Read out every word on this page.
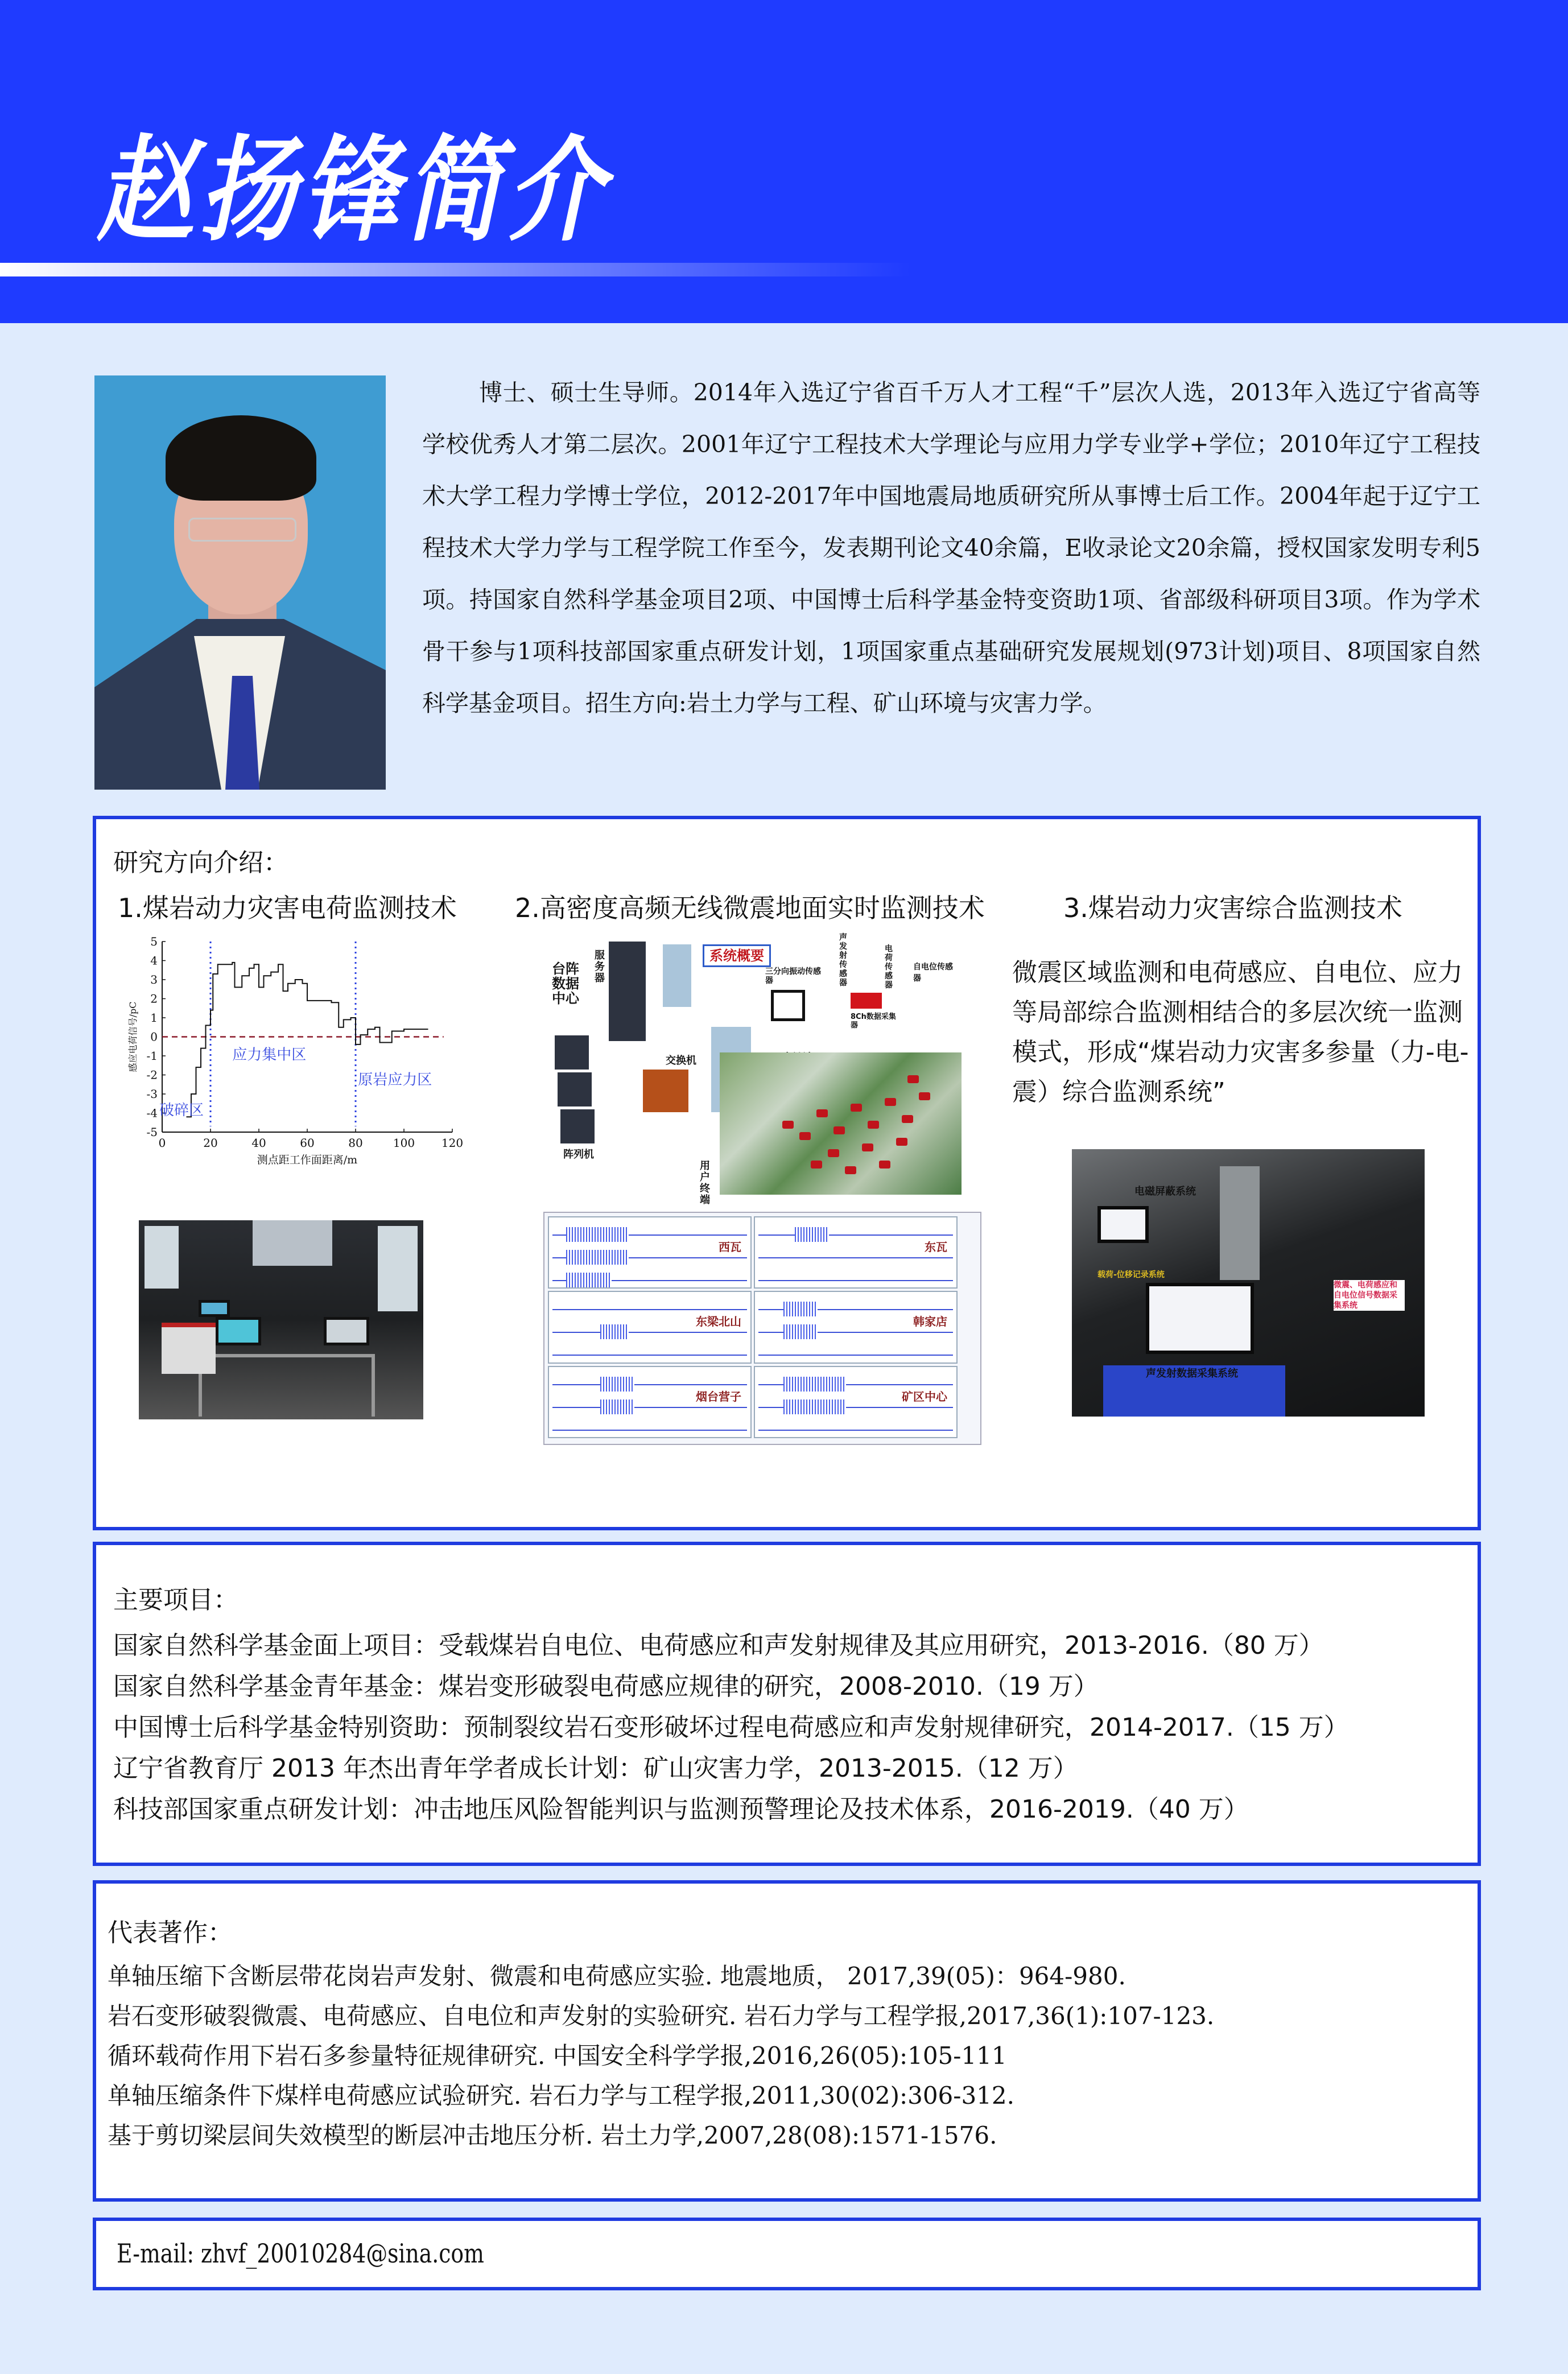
赵扬锋简介

博士、硕士生导师。2014年入选辽宁省百千万人才工程“千”层次人选，2013年入选辽宁省高等学校优秀人才第二层次。2001年辽宁工程技术大学理论与应用力学专业学+学位；2010年辽宁工程技术大学工程力学博士学位，2012-2017年中国地震局地质研究所从事博士后工作。2004年起于辽宁工程技术大学力学与工程学院工作至今，发表期刊论文40余篇，E收录论文20余篇，授权国家发明专利5项。持国家自然科学基金项目2项、中国博士后科学基金特变资助1项、省部级科研项目3项。作为学术骨干参与1项科技部国家重点研发计划，1项国家重点基础研究发展规划(973计划)项目、8项国家自然科学基金项目。招生方向:岩土力学与工程、矿山环境与灾害力学。

研究方向介绍：
1.煤岩动力灾害电荷监测技术 2.高密度高频无线微震地面实时监测技术	3.煤岩动力灾害综合监测技术
-5
-4
-3
-2
-1
0
1
2
3
4
5
0	20	40	60	80	100 120
测点距工作面距离/m
感应电荷信号/pC
破碎区
应力集中区
原岩应力区
系统概要
台阵数据中心
服务器
阵列机
交换机
用户终端
三分向振动传感器
声发射传感器
电荷传感器
自电位传感器
8Ch数据采集器
西瓦	东瓦
东梁北山	韩家店
烟台营子	矿区中心
微震区域监测和电荷感应、自电位、应力等局部综合监测相结合的多层次统一监测模式，形成“煤岩动力灾害多参量（力-电-震）综合监测系统”
电磁屏蔽系统
载荷-位移记录系统
微震、电荷感应和自电位信号数据采集系统
声发射数据采集系统
主要项目：
国家自然科学基金面上项目：受载煤岩自电位、电荷感应和声发射规律及其应用研究，2013-2016.（80 万）
国家自然科学基金青年基金：煤岩变形破裂电荷感应规律的研究，2008-2010.（19 万）
中国博士后科学基金特别资助：预制裂纹岩石变形破坏过程电荷感应和声发射规律研究，2014-2017.（15 万）
辽宁省教育厅 2013 年杰出青年学者成长计划：矿山灾害力学，2013-2015.（12 万）
科技部国家重点研发计划：冲击地压风险智能判识与监测预警理论及技术体系，2016-2019.（40 万）
代表著作：
单轴压缩下含断层带花岗岩声发射、微震和电荷感应实验. 地震地质， 2017,39(05)：964-980.
岩石变形破裂微震、电荷感应、自电位和声发射的实验研究. 岩石力学与工程学报,2017,36(1):107-123.
循环载荷作用下岩石多参量特征规律研究. 中国安全科学学报,2016,26(05):105-111
单轴压缩条件下煤样电荷感应试验研究. 岩石力学与工程学报,2011,30(02):306-312.
基于剪切梁层间失效模型的断层冲击地压分析. 岩土力学,2007,28(08):1571-1576.
E-mail: zhvf_20010284@sina.com
